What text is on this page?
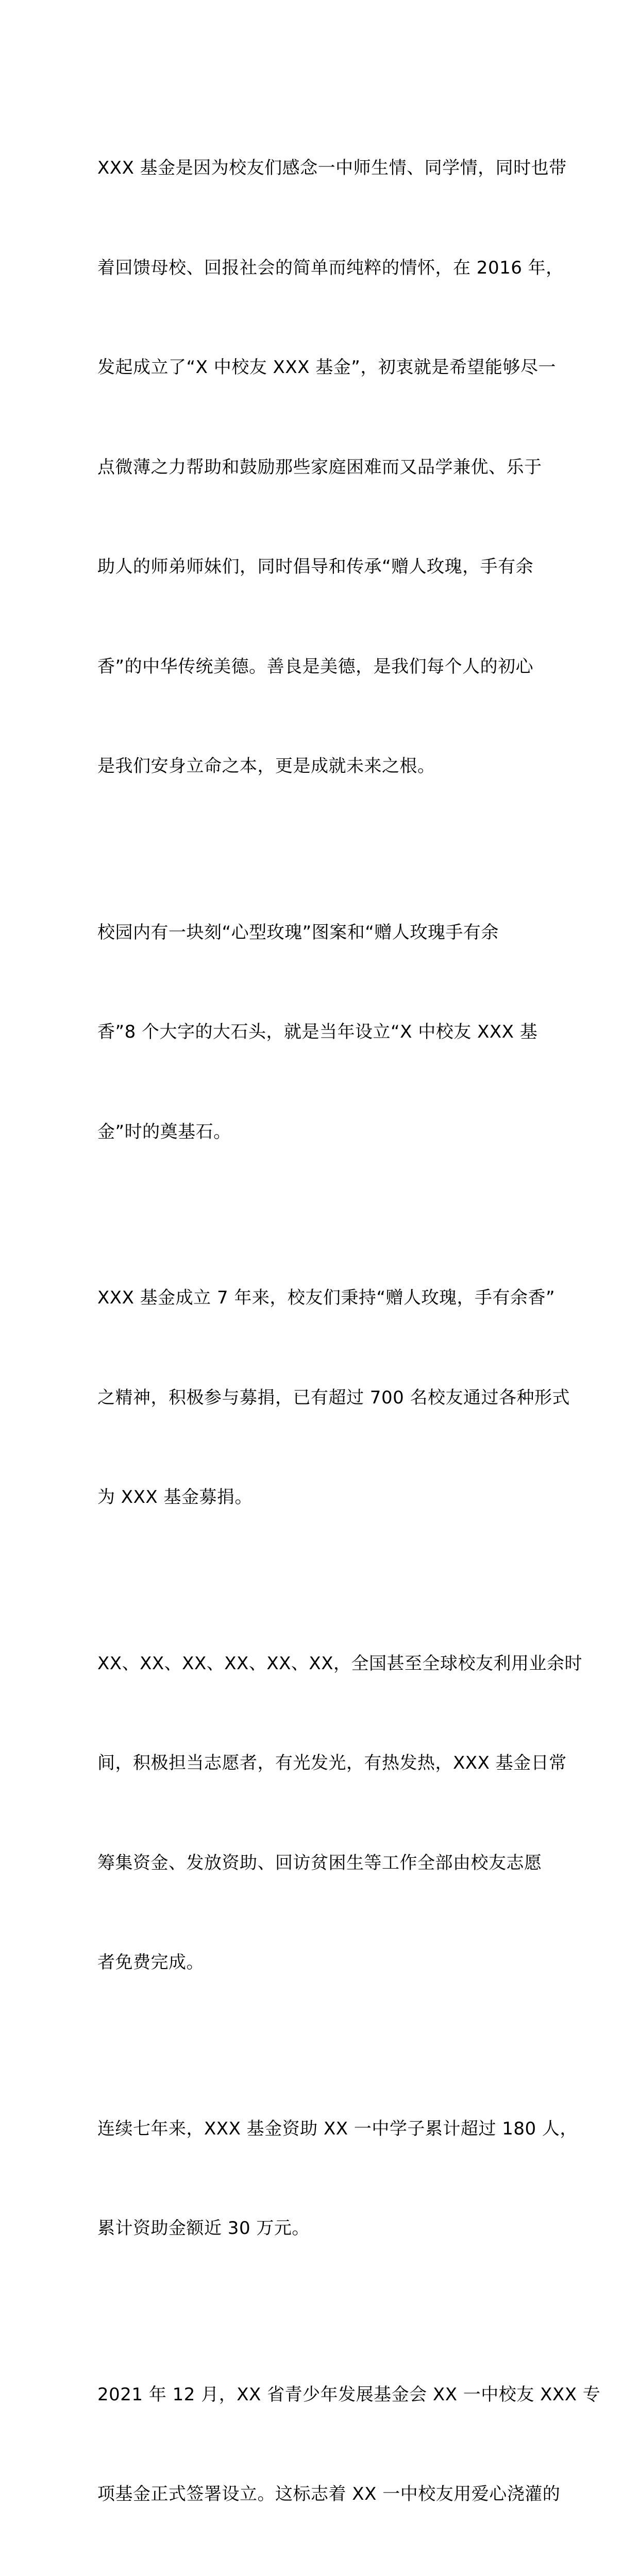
XXX 基金是因为校友们感念一中师生情、同学情，同时也带

着回馈母校、回报社会的简单而纯粹的情怀，在 2016 年，

发起成立了“X 中校友 XXX 基金”，初衷就是希望能够尽一

点微薄之力帮助和鼓励那些家庭困难而又品学兼优、乐于

助人的师弟师妹们，同时倡导和传承“赠人玫瑰，手有余

香”的中华传统美德。善良是美德，是我们每个人的初心

是我们安身立命之本，更是成就未来之根。

校园内有一块刻“心型玫瑰”图案和“赠人玫瑰手有余

香”8 个大字的大石头，就是当年设立“X 中校友 XXX 基

金”时的奠基石。

XXX 基金成立 7 年来，校友们秉持“赠人玫瑰，手有余香”

之精神，积极参与募捐，已有超过 700 名校友通过各种形式

为 XXX 基金募捐。

XX、XX、XX、XX、XX、XX，全国甚至全球校友利用业余时

间，积极担当志愿者，有光发光，有热发热，XXX 基金日常

筹集资金、发放资助、回访贫困生等工作全部由校友志愿

者免费完成。

连续七年来，XXX 基金资助 XX 一中学子累计超过 180 人，

累计资助金额近 30 万元。

2021 年 12 月，XX 省青少年发展基金会 XX 一中校友 XXX 专

项基金正式签署设立。这标志着 XX 一中校友用爱心浇灌的
